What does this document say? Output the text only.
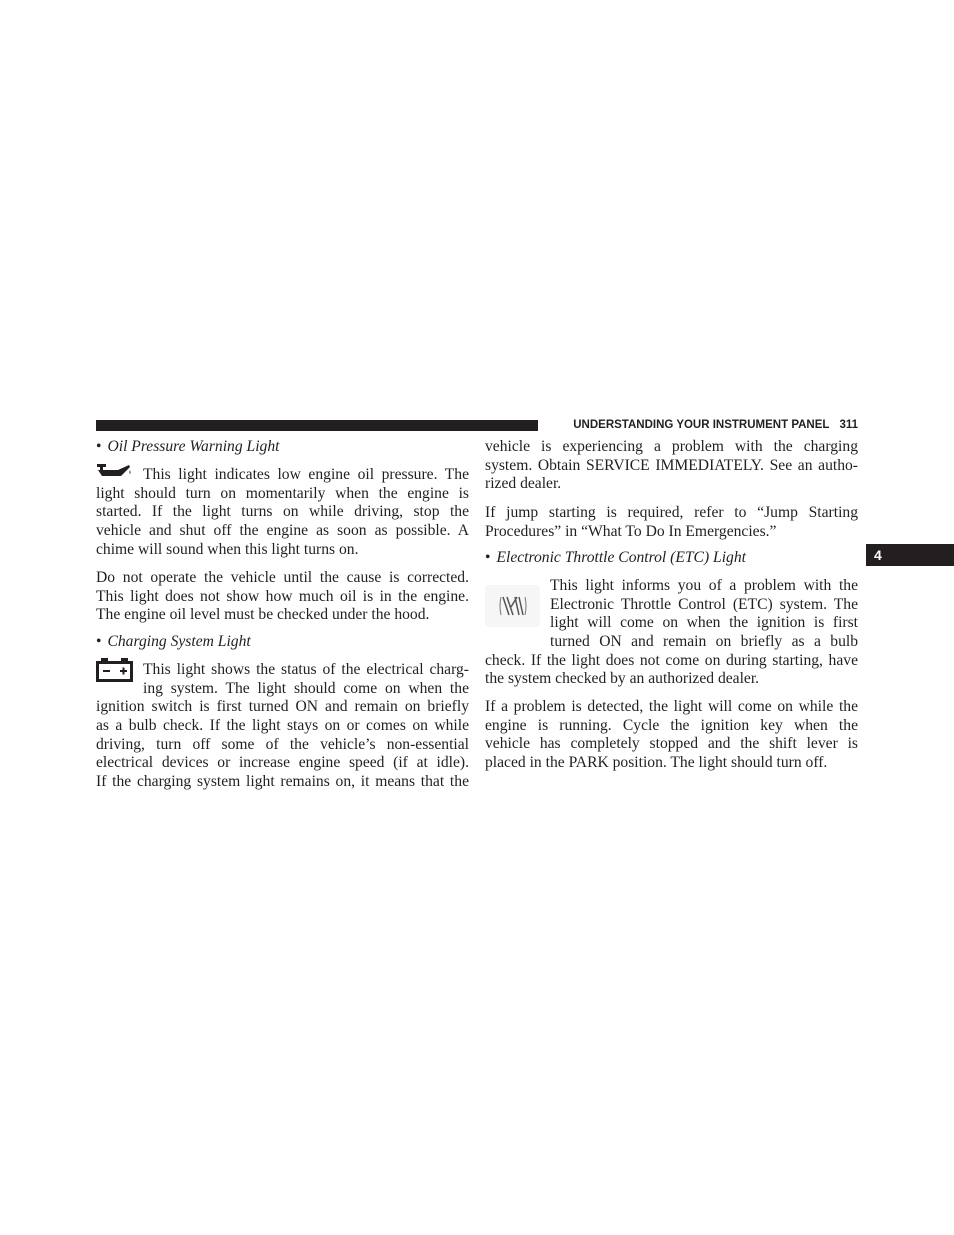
UNDERSTANDING YOUR INSTRUMENT PANEL 311
4
• Oil Pressure Warning Light
This light indicates low engine oil pressure. The
light should turn on momentarily when the engine is
started. If the light turns on while driving, stop the
vehicle and shut off the engine as soon as possible. A
chime will sound when this light turns on.
Do not operate the vehicle until the cause is corrected.
This light does not show how much oil is in the engine.
The engine oil level must be checked under the hood.
• Charging System Light
This light shows the status of the electrical charg-
ing system. The light should come on when the
ignition switch is first turned ON and remain on briefly
as a bulb check. If the light stays on or comes on while
driving, turn off some of the vehicle’s non-essential
electrical devices or increase engine speed (if at idle).
If the charging system light remains on, it means that the
vehicle is experiencing a problem with the charging
system. Obtain SERVICE IMMEDIATELY. See an autho-
rized dealer.
If jump starting is required, refer to “Jump Starting
Procedures” in “What To Do In Emergencies.”
• Electronic Throttle Control (ETC) Light
This light informs you of a problem with the
Electronic Throttle Control (ETC) system. The
light will come on when the ignition is first
turned ON and remain on briefly as a bulb
check. If the light does not come on during starting, have
the system checked by an authorized dealer.
If a problem is detected, the light will come on while the
engine is running. Cycle the ignition key when the
vehicle has completely stopped and the shift lever is
placed in the PARK position. The light should turn off.
